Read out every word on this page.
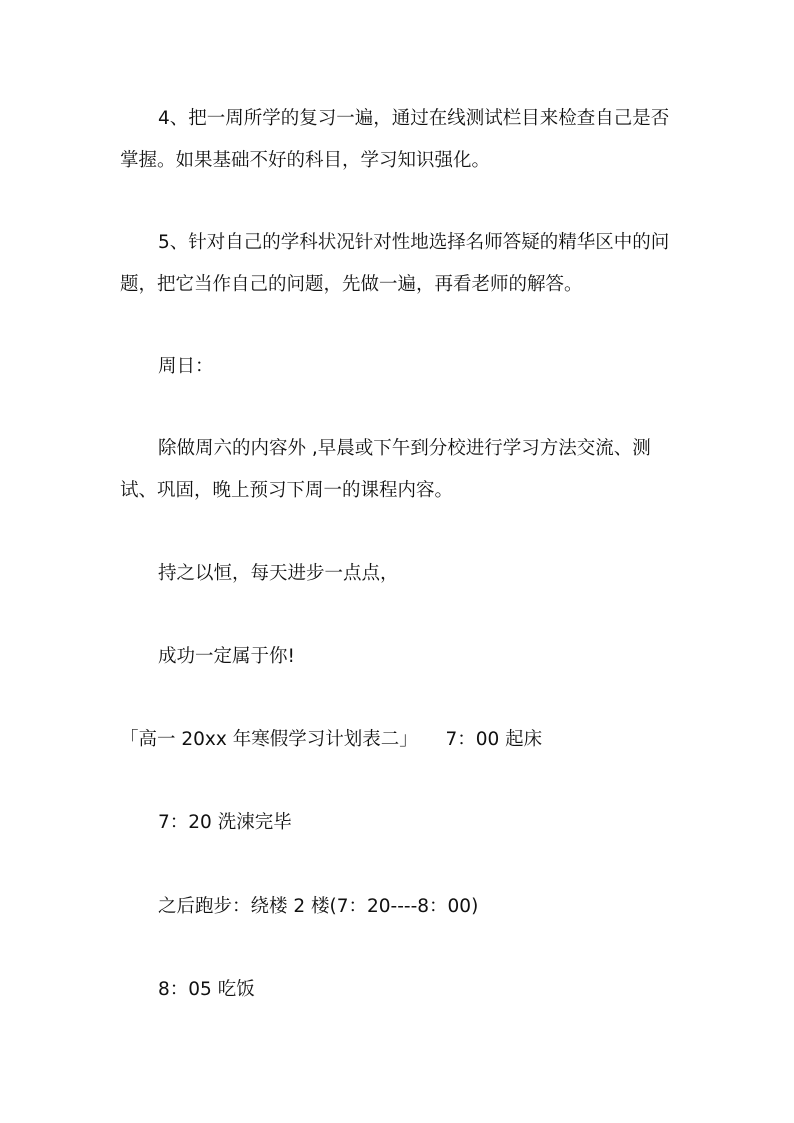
4、把一周所学的复习一遍，通过在线测试栏目来检查自己是否掌握。如果基础不好的科目，学习知识强化。

5、针对自己的学科状况针对性地选择名师答疑的精华区中的问题，把它当作自己的问题，先做一遍，再看老师的解答。

周日：

除做周六的内容外 ,早晨或下午到分校进行学习方法交流、测试、巩固，晚上预习下周一的课程内容。

持之以恒，每天进步一点点，

成功一定属于你!

「高一 20xx 年寒假学习计划表二」　　7：00 起床

7：20 洗涑完毕

之后跑步：绕楼 2 楼(7：20----8：00)

8：05 吃饭
